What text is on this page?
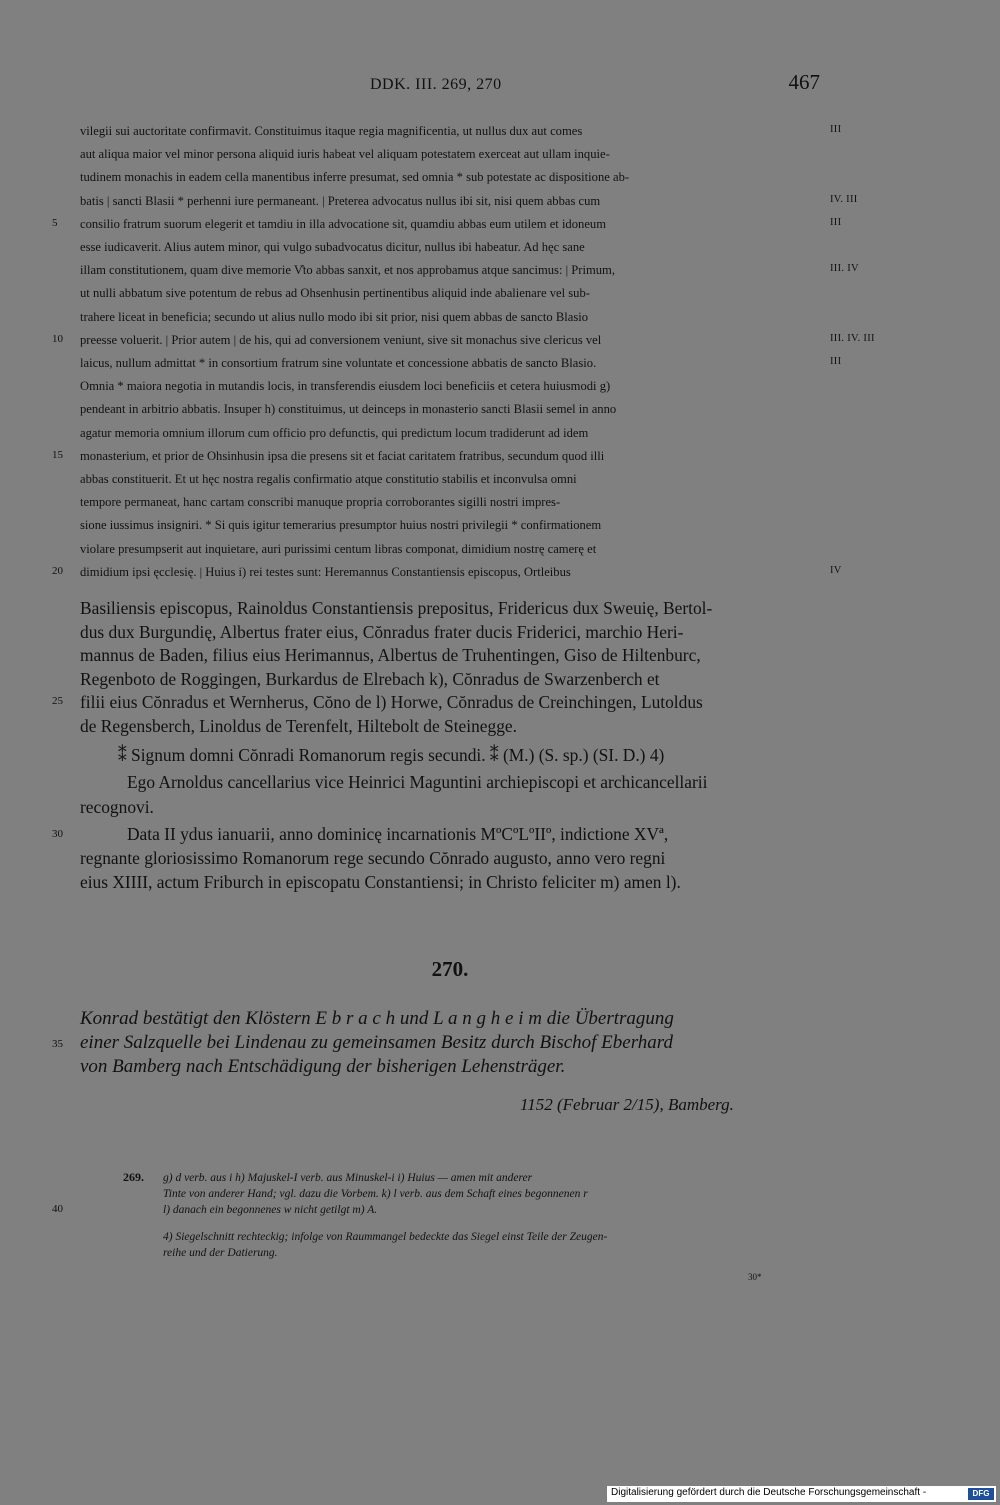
DDK. III. 269, 270	467
vilegii sui auctoritate confirmavit. Constituimus itaque regia magnificentia, ut nullus dux aut comes	III
aut aliqua maior vel minor persona aliquid iuris habeat vel aliquam potestatem exerceat aut ullam inquie-
tudinem monachis in eadem cella manentibus inferre presumat, sed omnia * sub potestate ac dispositione ab-
batis | sancti Blasii * perhenni iure permaneant. | Preterea advocatus nullus ibi sit, nisi quem abbas cum	IV. III
consilio fratrum suorum elegerit et tamdiu in illa advocatione sit, quamdiu abbas eum utilem et idoneum	III
5
esse iudicaverit. Alius autem minor, qui vulgo subadvocatus dicitur, nullus ibi habeatur. Ad hęc sane
illam constitutionem, quam dive memorie V̊to abbas sanxit, et nos approbamus atque sancimus: | Primum,	III. IV
ut nulli abbatum sive potentum de rebus ad Ohsenhusin pertinentibus aliquid inde abalienare vel sub-
trahere liceat in beneficia; secundo ut alius nullo modo ibi sit prior, nisi quem abbas de sancto Blasio
preesse voluerit. | Prior autem | de his, qui ad conversionem veniunt, sive sit monachus sive clericus vel	III. IV. III
10
laicus, nullum admittat * in consortium fratrum sine voluntate et concessione abbatis de sancto Blasio.	III
Omnia * maiora negotia in mutandis locis, in transferendis eiusdem loci beneficiis et cetera huiusmodi g)
pendeant in arbitrio abbatis. Insuper h) constituimus, ut deinceps in monasterio sancti Blasii semel in anno
agatur memoria omnium illorum cum officio pro defunctis, qui predictum locum tradiderunt ad idem
monasterium, et prior de Ohsinhusin ipsa die presens sit et faciat caritatem fratribus, secundum quod illi
15
abbas constituerit. Et ut hęc nostra regalis confirmatio atque constitutio stabilis et inconvulsa omni
tempore permaneat, hanc cartam conscribi manuque propria corroborantes sigilli nostri impres-
sione iussimus insigniri. * Si quis igitur temerarius presumptor huius nostri privilegii * confirmationem
violare presumpserit aut inquietare, auri purissimi centum libras componat, dimidium nostrę camerę et
dimidium ipsi ęcclesię. | Huius i) rei testes sunt: Heremannus Constantiensis episcopus, Ortleibus	IV
20
Basiliensis episcopus, Rainoldus Constantiensis prepositus, Fridericus dux Sweuię, Bertol-
dus dux Burgundię, Albertus frater eius, Cŏnradus frater ducis Friderici, marchio Heri-
mannus de Baden, filius eius Herimannus, Albertus de Truhentingen, Giso de Hiltenburc,
Regenboto de Roggingen, Burkardus de Elrebach k), Cŏnradus de Swarzenberch et
filii eius Cŏnradus et Wernherus, Cŏno de l) Horwe, Cŏnradus de Creinchingen, Lutoldus
25
de Regensberch, Linoldus de Terenfelt, Hiltebolt de Steinegge.
⁑ Signum domni Cŏnradi Romanorum regis secundi. ⁑ (M.) (S. sp.) (SI. D.) 4)
Ego Arnoldus cancellarius vice Heinrici Maguntini archiepiscopi et archicancellarii
recognovi.
Data II ydus ianuarii, anno dominicę incarnationis MºCºLºIIº, indictione XVª,
30
regnante gloriosissimo Romanorum rege secundo Cŏnrado augusto, anno vero regni
eius XIIII, actum Friburch in episcopatu Constantiensi; in Christo feliciter m) amen l).
270.
Konrad bestätigt den Klöstern E b r a c h und L a n g h e i m die Übertragung
einer Salzquelle bei Lindenau zu gemeinsamen Besitz durch Bischof Eberhard
35
von Bamberg nach Entschädigung der bisherigen Lehensträger.
1152 (Februar 2/15), Bamberg.
269. g) d verb. aus i h) Majuskel-I verb. aus Minuskel-i i) Huius — amen mit anderer
Tinte von anderer Hand; vgl. dazu die Vorbem. k) l verb. aus dem Schaft eines begonnenen r
l) danach ein begonnenes w nicht getilgt m) A.
40
4) Siegelschnitt rechteckig; infolge von Raummangel bedeckte das Siegel einst Teile der Zeugen-
reihe und der Datierung.
30*
Digitalisierung gefördert durch die Deutsche Forschungsgemeinschaft -	DFG
